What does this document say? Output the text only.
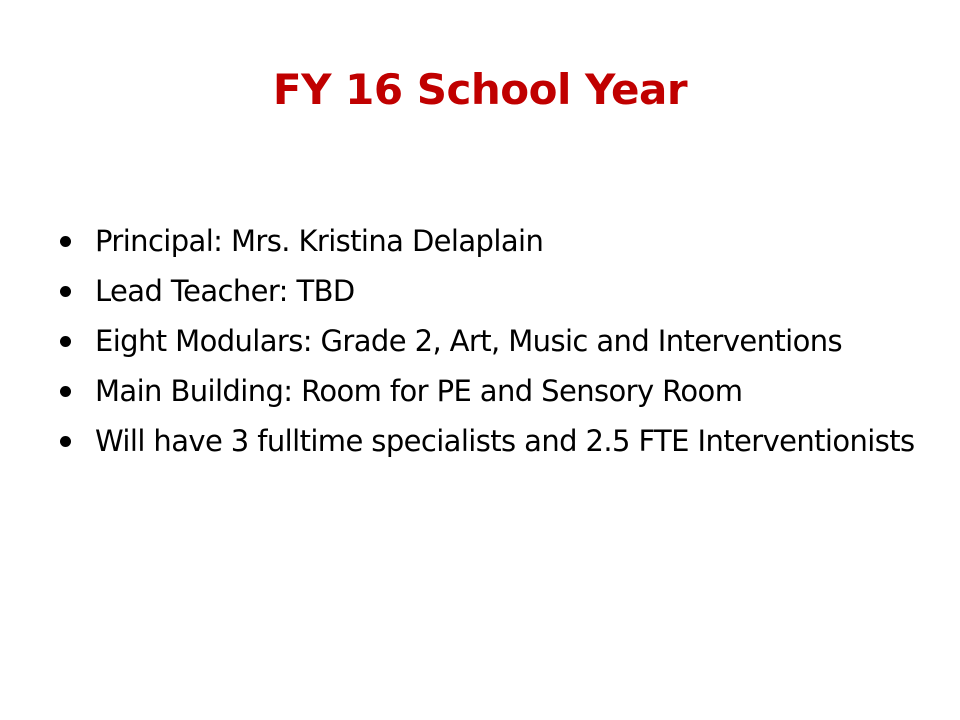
FY 16 School Year
Principal: Mrs. Kristina Delaplain
Lead Teacher: TBD
Eight Modulars: Grade 2, Art, Music and Interventions
Main Building: Room for PE and Sensory Room
Will have 3 fulltime specialists and 2.5 FTE Interventionists
